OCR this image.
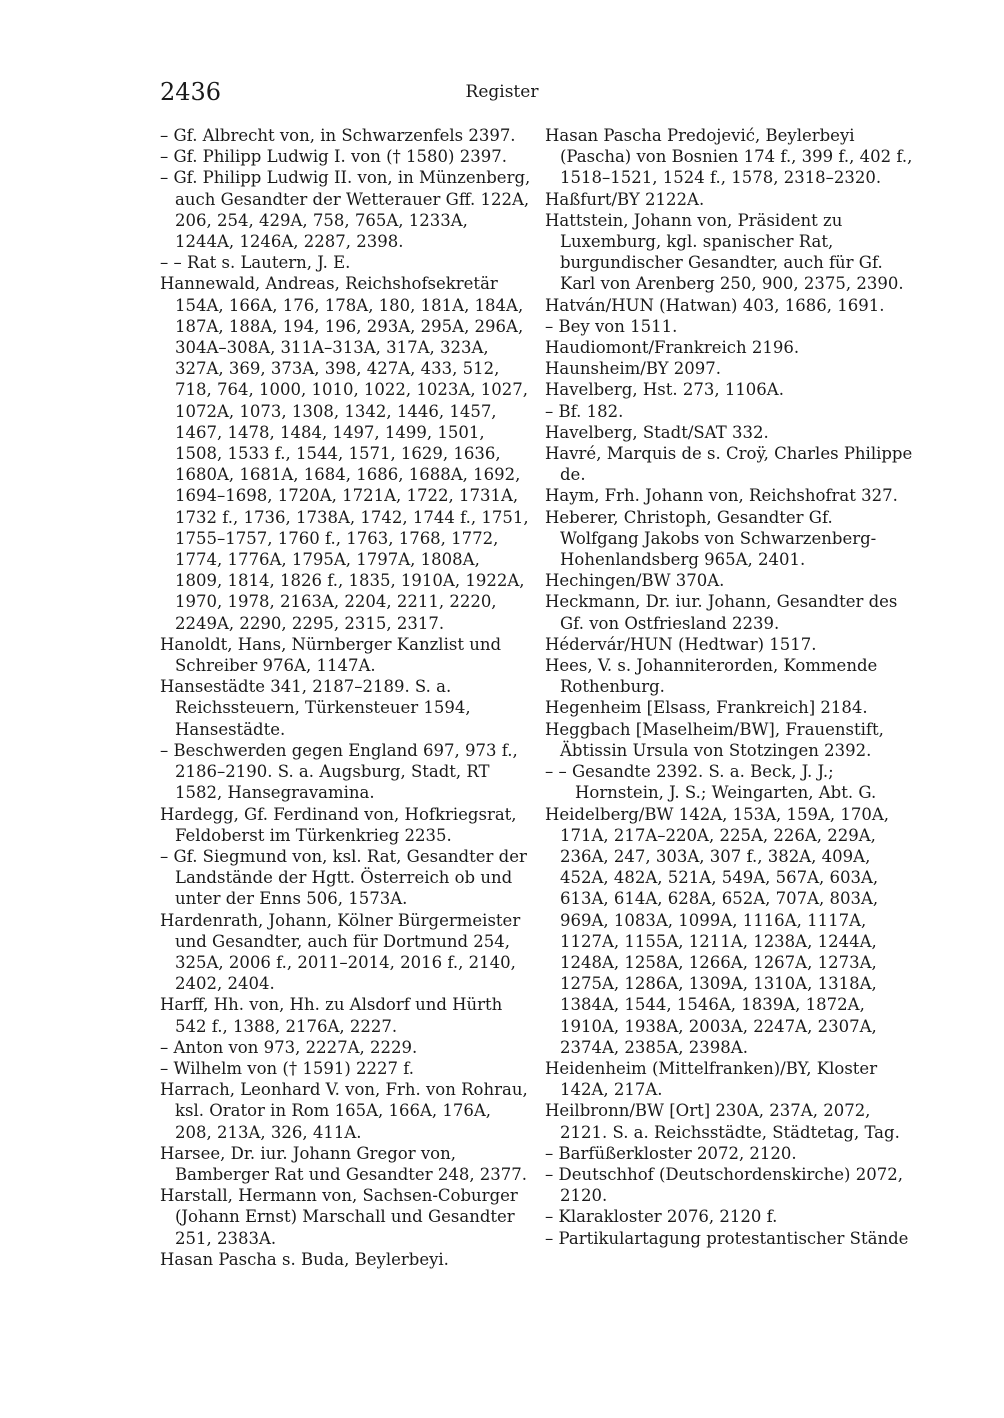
2436	Register

– Gf. Albrecht von, in Schwarzenfels 2397.

– Gf. Philipp Ludwig I. von († 1580) 2397.

– Gf. Philipp Ludwig II. von, in Münzenberg, auch Gesandter der Wetterauer Gff. 122A, 206, 254, 429A, 758, 765A, 1233A, 1244A, 1246A, 2287, 2398.

– – Rat s. Lautern, J. E.

Hannewald, Andreas, Reichshofsekretär 154A, 166A, 176, 178A, 180, 181A, 184A, 187A, 188A, 194, 196, 293A, 295A, 296A, 304A–308A, 311A–313A, 317A, 323A, 327A, 369, 373A, 398, 427A, 433, 512, 718, 764, 1000, 1010, 1022, 1023A, 1027, 1072A, 1073, 1308, 1342, 1446, 1457, 1467, 1478, 1484, 1497, 1499, 1501, 1508, 1533 f., 1544, 1571, 1629, 1636, 1680A, 1681A, 1684, 1686, 1688A, 1692, 1694–1698, 1720A, 1721A, 1722, 1731A, 1732 f., 1736, 1738A, 1742, 1744 f., 1751, 1755–1757, 1760 f., 1763, 1768, 1772, 1774, 1776A, 1795A, 1797A, 1808A, 1809, 1814, 1826 f., 1835, 1910A, 1922A, 1970, 1978, 2163A, 2204, 2211, 2220, 2249A, 2290, 2295, 2315, 2317.

Hanoldt, Hans, Nürnberger Kanzlist und Schreiber 976A, 1147A.

Hansestädte 341, 2187–2189. S. a. Reichssteuern, Türkensteuer 1594, Hansestädte.

– Beschwerden gegen England 697, 973 f., 2186–2190. S. a. Augsburg, Stadt, RT 1582, Hansegravamina.

Hardegg, Gf. Ferdinand von, Hofkriegsrat, Feldoberst im Türkenkrieg 2235.

– Gf. Siegmund von, ksl. Rat, Gesandter der Landstände der Hgtt. Österreich ob und unter der Enns 506, 1573A.

Hardenrath, Johann, Kölner Bürgermeister und Gesandter, auch für Dortmund 254, 325A, 2006 f., 2011–2014, 2016 f., 2140, 2402, 2404.

Harff, Hh. von, Hh. zu Alsdorf und Hürth 542 f., 1388, 2176A, 2227.

– Anton von 973, 2227A, 2229.

– Wilhelm von († 1591) 2227 f.

Harrach, Leonhard V. von, Frh. von Rohrau, ksl. Orator in Rom 165A, 166A, 176A, 208, 213A, 326, 411A.

Harsee, Dr. iur. Johann Gregor von, Bamberger Rat und Gesandter 248, 2377.

Harstall, Hermann von, Sachsen-Coburger (Johann Ernst) Marschall und Gesandter 251, 2383A.

Hasan Pascha s. Buda, Beylerbeyi.

Hasan Pascha Predojević, Beylerbeyi (Pascha) von Bosnien 174 f., 399 f., 402 f., 1518–1521, 1524 f., 1578, 2318–2320.

Haßfurt/BY 2122A.

Hattstein, Johann von, Präsident zu Luxemburg, kgl. spanischer Rat, burgundischer Gesandter, auch für Gf. Karl von Arenberg 250, 900, 2375, 2390.

Hatván/HUN (Hatwan) 403, 1686, 1691.

– Bey von 1511.

Haudiomont/Frankreich 2196.

Haunsheim/BY 2097.

Havelberg, Hst. 273, 1106A.

– Bf. 182.

Havelberg, Stadt/SAT 332.

Havré, Marquis de s. Croÿ, Charles Philippe de.

Haym, Frh. Johann von, Reichshofrat 327.

Heberer, Christoph, Gesandter Gf. Wolfgang Jakobs von Schwarzenberg-Hohenlandsberg 965A, 2401.

Hechingen/BW 370A.

Heckmann, Dr. iur. Johann, Gesandter des Gf. von Ostfriesland 2239.

Hédervár/HUN (Hedtwar) 1517.

Hees, V. s. Johanniterorden, Kommende Rothenburg.

Hegenheim [Elsass, Frankreich] 2184.

Heggbach [Maselheim/BW], Frauenstift, Äbtissin Ursula von Stotzingen 2392.

– – Gesandte 2392. S. a. Beck, J. J.; Hornstein, J. S.; Weingarten, Abt. G.

Heidelberg/BW 142A, 153A, 159A, 170A, 171A, 217A–220A, 225A, 226A, 229A, 236A, 247, 303A, 307 f., 382A, 409A, 452A, 482A, 521A, 549A, 567A, 603A, 613A, 614A, 628A, 652A, 707A, 803A, 969A, 1083A, 1099A, 1116A, 1117A, 1127A, 1155A, 1211A, 1238A, 1244A, 1248A, 1258A, 1266A, 1267A, 1273A, 1275A, 1286A, 1309A, 1310A, 1318A, 1384A, 1544, 1546A, 1839A, 1872A, 1910A, 1938A, 2003A, 2247A, 2307A, 2374A, 2385A, 2398A.

Heidenheim (Mittelfranken)/BY, Kloster 142A, 217A.

Heilbronn/BW [Ort] 230A, 237A, 2072, 2121. S. a. Reichsstädte, Städtetag, Tag.

– Barfüßerkloster 2072, 2120.

– Deutschhof (Deutschordenskirche) 2072, 2120.

– Klarakloster 2076, 2120 f.

– Partikulartagung protestantischer Stände
